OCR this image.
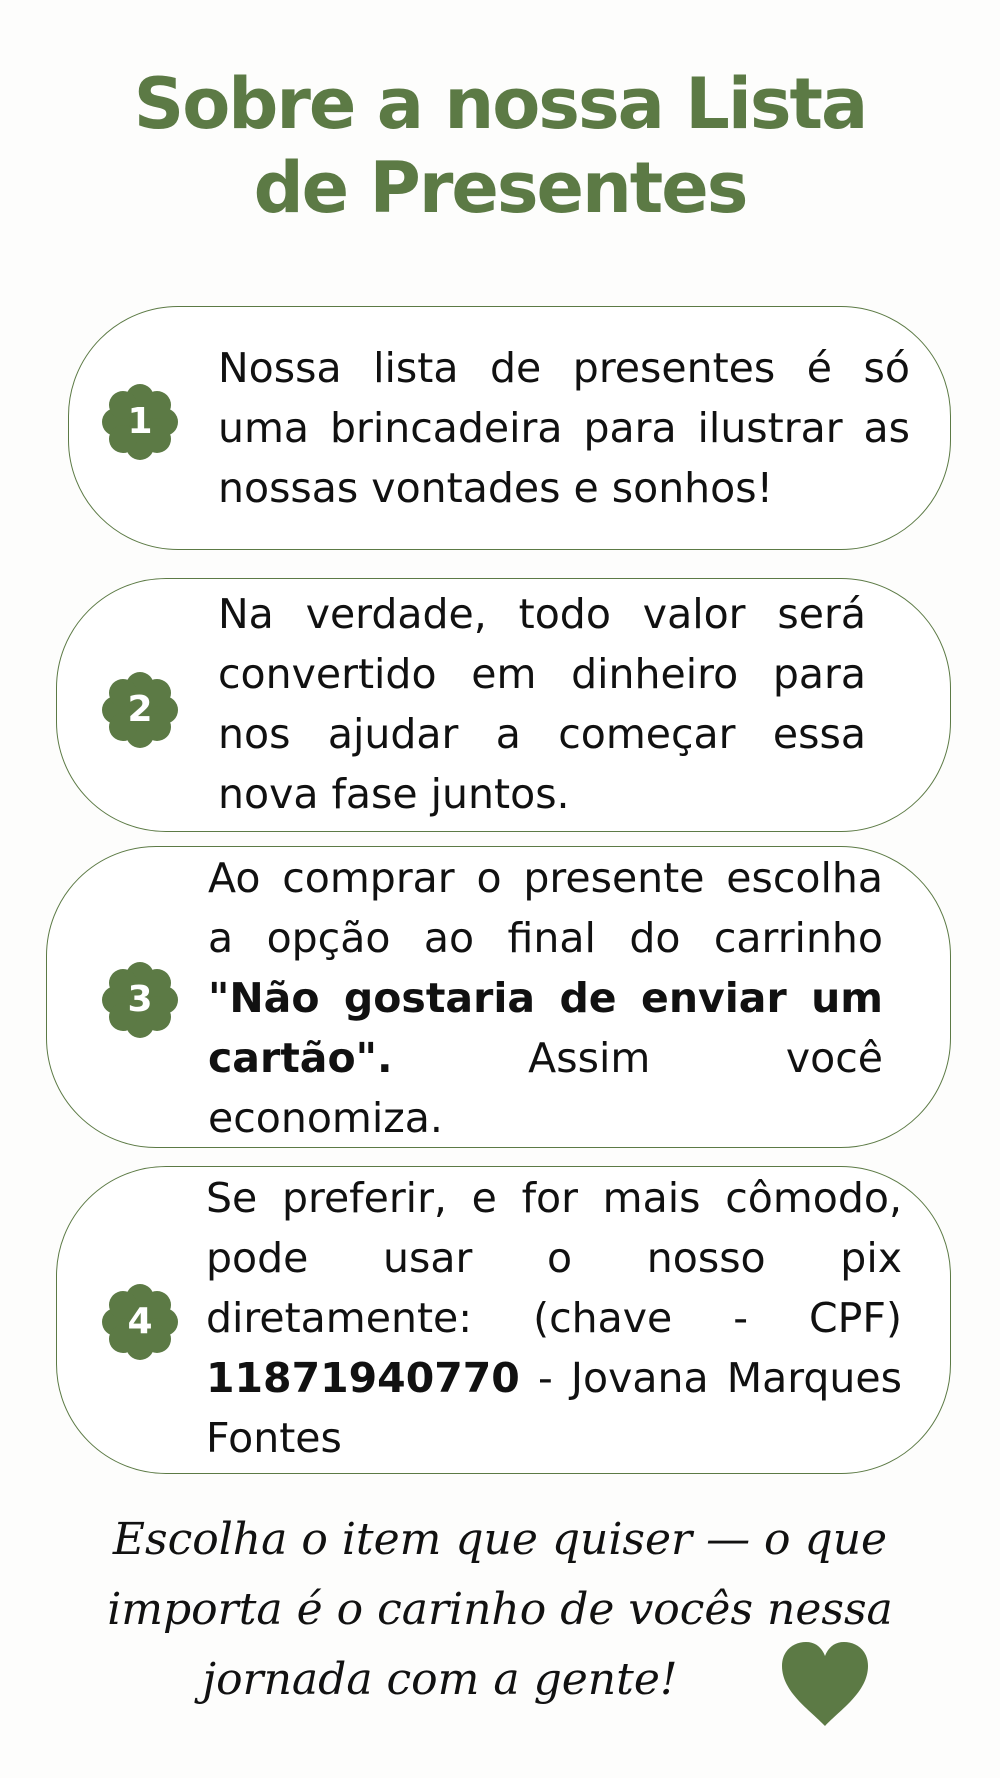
Sobre a nossa Lista
de Presentes
1
Nossa lista de presentes é só uma brincadeira para ilustrar as nossas vontades e sonhos!
2
Na verdade, todo valor será convertido em dinheiro para nos ajudar a começar essa nova fase juntos.
3
Ao comprar o presente escolha a opção ao final do carrinho "Não gostaria de enviar um cartão". Assim você economiza.
4
Se preferir, e for mais cômodo, pode usar o nosso pix diretamente: (chave - CPF) 11871940770 - Jovana Marques Fontes
Escolha o item que quiser — o que
importa é o carinho de vocês nessa
jornada com a gente!
